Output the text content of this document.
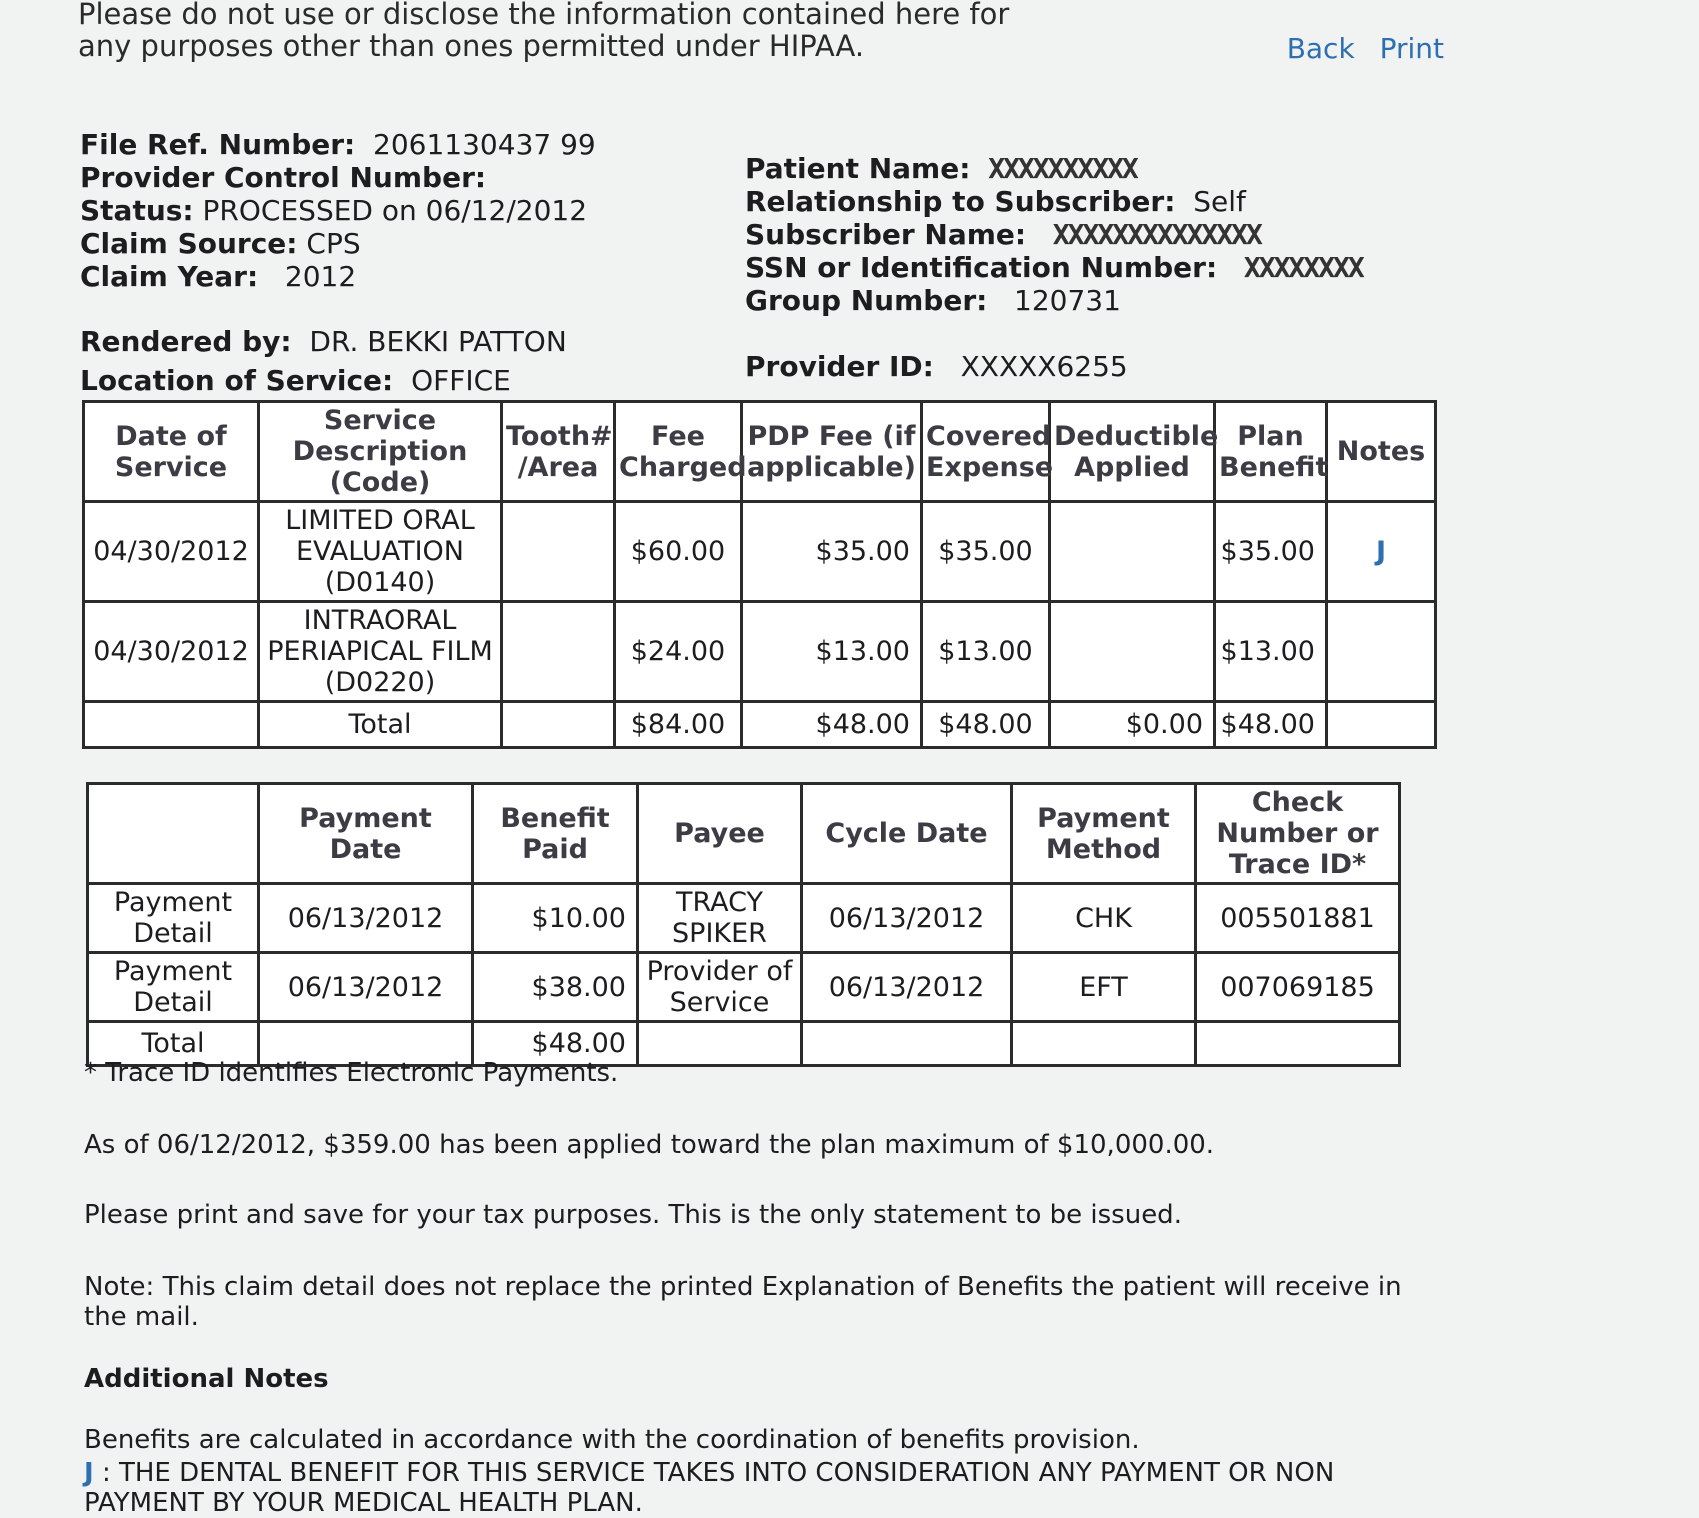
Please do not use or disclose the information contained here for any purposes other than ones permitted under HIPAA.	Back Print
File Ref. Number: 2061130437 99
Provider Control Number:
Status: PROCESSED on 06/12/2012
Claim Source: CPS
Claim Year: 2012
Rendered by: DR. BEKKI PATTON
Location of Service: OFFICE
Patient Name: XXXXXXXXXX
Relationship to Subscriber: Self
Subscriber Name: XXXXXXXXXXXXXX
SSN or Identification Number: XXXXXXXX
Group Number: 120731
Provider ID: XXXXX6255
Date of Service	Service Description (Code)	Tooth# /Area	Fee Charged	PDP Fee (if applicable)	Covered Expense	Deductible Applied	Plan Benefit	Notes
04/30/2012	LIMITED ORAL EVALUATION (D0140)		$60.00	$35.00	$35.00		$35.00	J
04/30/2012	INTRAORAL PERIAPICAL FILM (D0220)		$24.00	$13.00	$13.00		$13.00	
	Total		$84.00	$48.00	$48.00	$0.00	$48.00	
	Payment Date	Benefit Paid	Payee	Cycle Date	Payment Method	Check Number or Trace ID*
Payment Detail	06/13/2012	$10.00	TRACY SPIKER	06/13/2012	CHK	005501881
Payment Detail	06/13/2012	$38.00	Provider of Service	06/13/2012	EFT	007069185
Total		$48.00				
* Trace ID identifies Electronic Payments.
As of 06/12/2012, $359.00 has been applied toward the plan maximum of $10,000.00.
Please print and save for your tax purposes. This is the only statement to be issued.
Note: This claim detail does not replace the printed Explanation of Benefits the patient will receive in the mail.
Additional Notes
Benefits are calculated in accordance with the coordination of benefits provision.
J : THE DENTAL BENEFIT FOR THIS SERVICE TAKES INTO CONSIDERATION ANY PAYMENT OR NON PAYMENT BY YOUR MEDICAL HEALTH PLAN.
